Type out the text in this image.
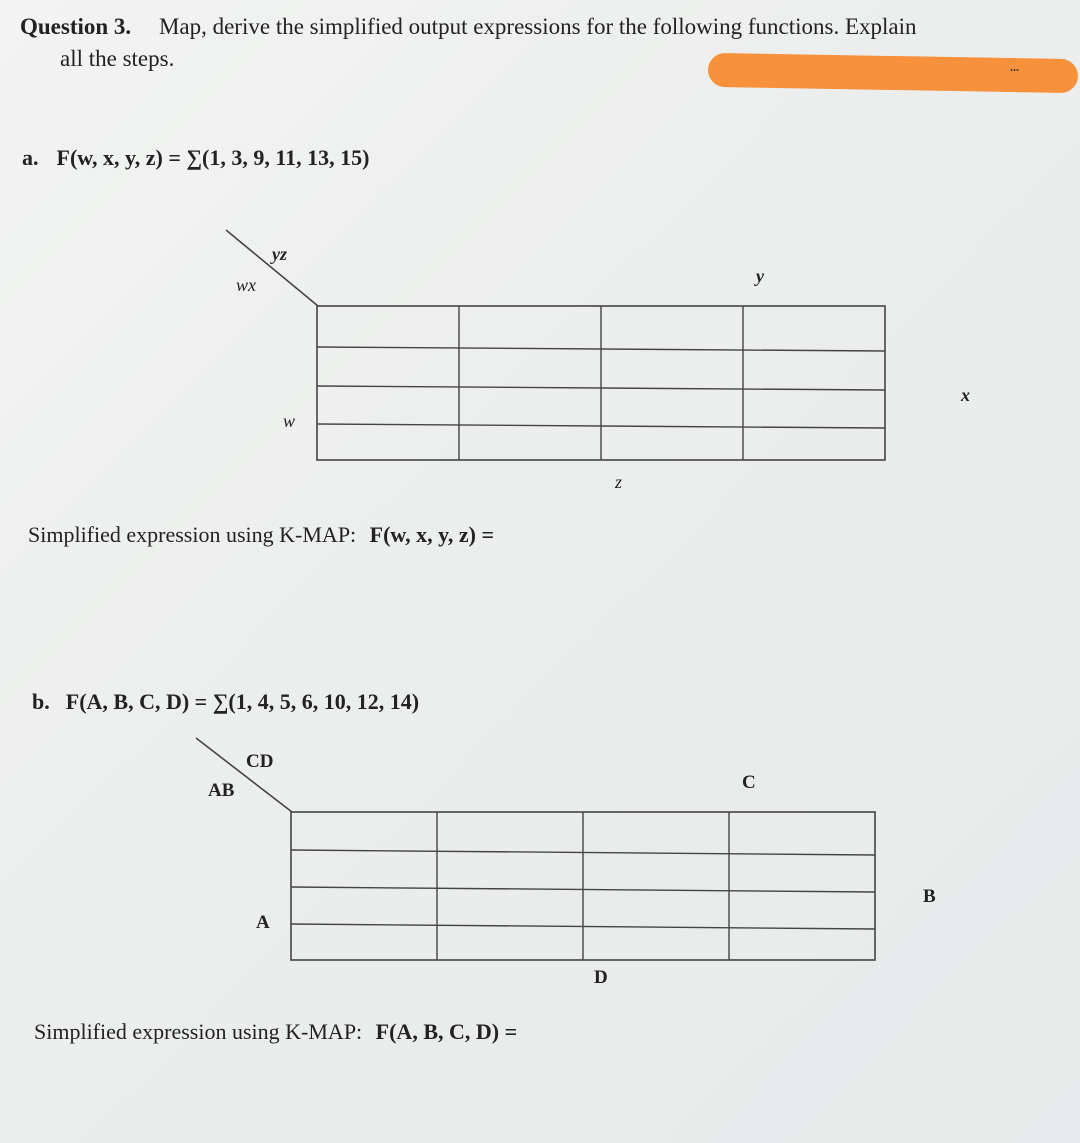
Question 3. Map, derive the simplified output expressions for the following functions. Explain
all the steps.	...
a. F(w, x, y, z) = ∑(1, 3, 9, 11, 13, 15)
yz
wx	y
x
w
z
Simplified expression using K-MAP: F(w, x, y, z) =
b. F(A, B, C, D) = ∑(1, 4, 5, 6, 10, 12, 14)
CD
AB	C
B
A
D
Simplified expression using K-MAP: F(A, B, C, D) =
